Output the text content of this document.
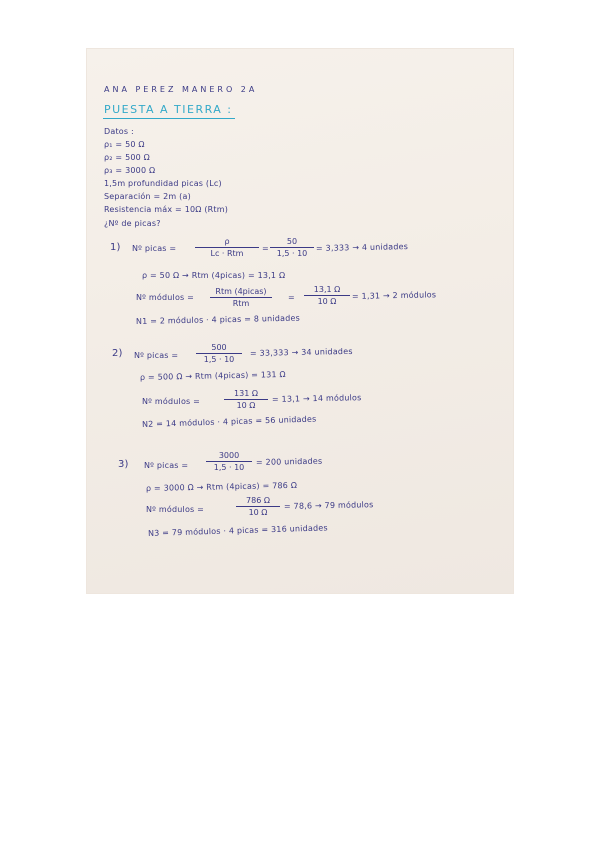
ANA PEREZ MANERO 2A
PUESTA A TIERRA :
Datos :
ρ₁ = 50 Ω
ρ₂ = 500 Ω
ρ₃ = 3000 Ω
1,5m profundidad picas (Lc)
Separación = 2m (a)
Resistencia máx = 10Ω (Rtm)
¿Nº de picas?
1) Nº picas =
ρ
Lc · Rtm
=
50
1,5 · 10
= 3,333 → 4 unidades
ρ = 50 Ω → Rtm (4picas) = 13,1 Ω
Nº módulos =
Rtm (4picas)
Rtm
=
13,1 Ω
10 Ω
= 1,31 → 2 módulos
N1 = 2 módulos · 4 picas = 8 unidades
2) Nº picas =
500
1,5 · 10
= 33,333 → 34 unidades
ρ = 500 Ω → Rtm (4picas) = 131 Ω
Nº módulos =
131 Ω
10 Ω
= 13,1 → 14 módulos
N2 = 14 módulos · 4 picas = 56 unidades
3) Nº picas =
3000
1,5 · 10
= 200 unidades
ρ = 3000 Ω → Rtm (4picas) = 786 Ω
Nº módulos =
786 Ω
10 Ω
= 78,6 → 79 módulos
N3 = 79 módulos · 4 picas = 316 unidades
